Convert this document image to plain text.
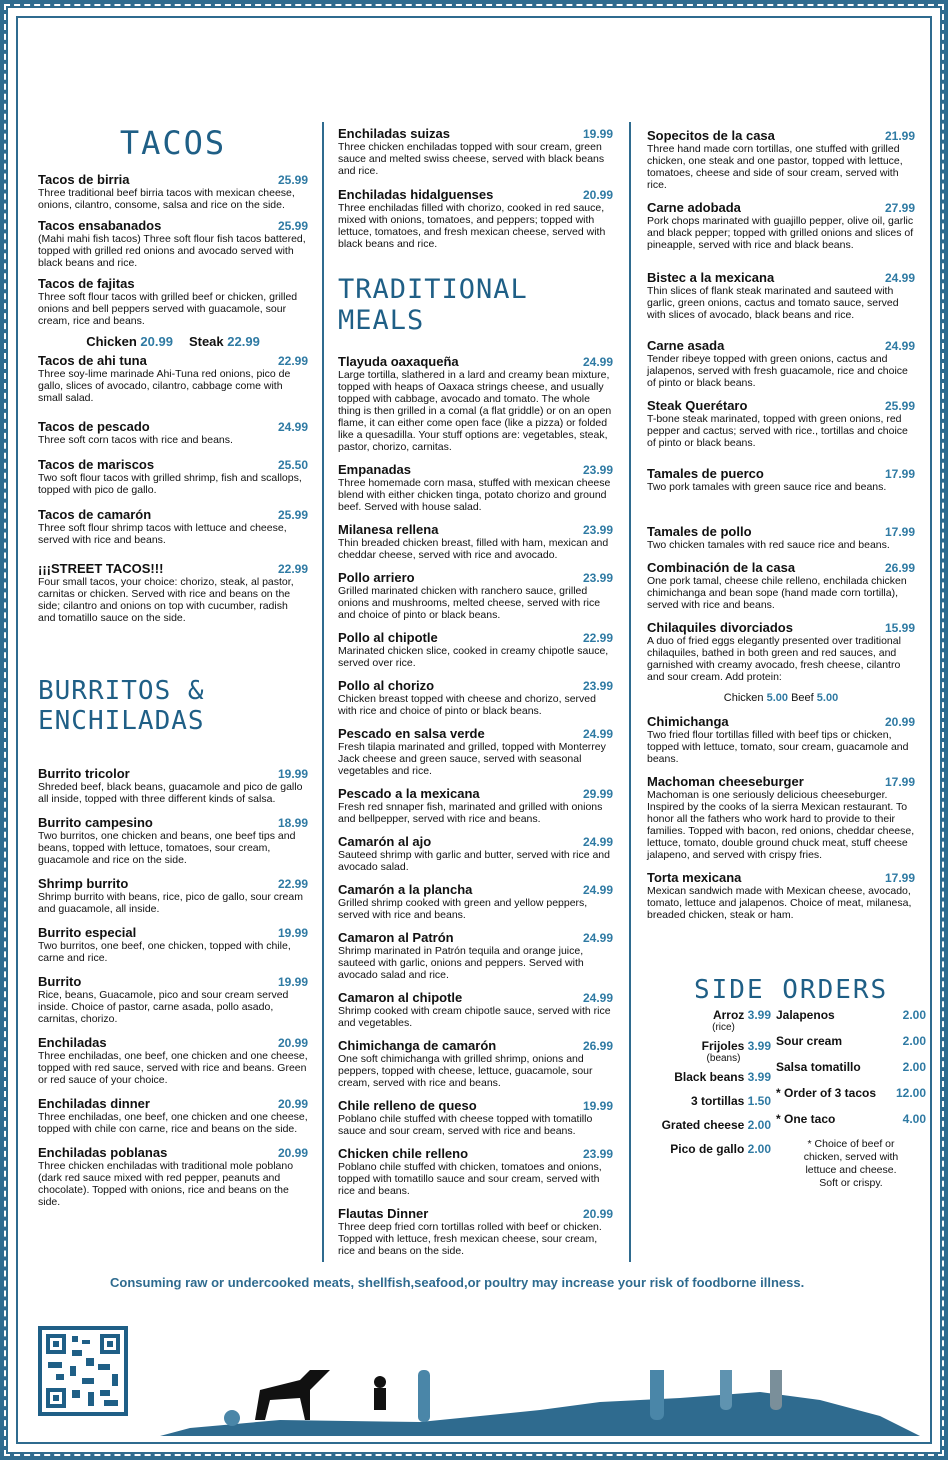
TACOS
Tacos de birria	25.99
Three traditional beef birria tacos with mexican cheese, onions, cilantro, consome, salsa and rice on the side.
Tacos ensabanados	25.99
(Mahi mahi fish tacos) Three soft flour fish tacos battered, topped with grilled red onions and avocado served with black beans and rice.
Tacos de fajitas
Three soft flour tacos with grilled beef or chicken, grilled onions and bell peppers served with guacamole, sour cream, rice and beans.
Chicken 20.99 Steak 22.99
Tacos de ahi tuna	22.99
Three soy-lime marinade Ahi-Tuna red onions, pico de gallo, slices of avocado, cilantro, cabbage come with small salad.
Tacos de pescado	24.99
Three soft corn tacos with rice and beans.
Tacos de mariscos	25.50
Two soft flour tacos with grilled shrimp, fish and scallops, topped with pico de gallo.
Tacos de camarón	25.99
Three soft flour shrimp tacos with lettuce and cheese, served with rice and beans.
¡¡¡STREET TACOS!!!	22.99
Four small tacos, your choice: chorizo, steak, al pastor, carnitas or chicken. Served with rice and beans on the side; cilantro and onions on top with cucumber, radish and tomatillo sauce on the side.
BURRITOS & ENCHILADAS
Burrito tricolor	19.99
Shreded beef, black beans, guacamole and pico de gallo all inside, topped with three different kinds of salsa.
Burrito campesino	18.99
Two burritos, one chicken and beans, one beef tips and beans, topped with lettuce, tomatoes, sour cream, guacamole and rice on the side.
Shrimp burrito	22.99
Shrimp burrito with beans, rice, pico de gallo, sour cream and guacamole, all inside.
Burrito especial	19.99
Two burritos, one beef, one chicken, topped with chile, carne and rice.
Burrito	19.99
Rice, beans, Guacamole, pico and sour cream served inside. Choice of pastor, carne asada, pollo asado, carnitas, chorizo.
Enchiladas	20.99
Three enchiladas, one beef, one chicken and one cheese, topped with red sauce, served with rice and beans. Green or red sauce of your choice.
Enchiladas dinner	20.99
Three enchiladas, one beef, one chicken and one cheese, topped with chile con carne, rice and beans on the side.
Enchiladas poblanas	20.99
Three chicken enchiladas with traditional mole poblano (dark red sauce mixed with red pepper, peanuts and chocolate). Topped with onions, rice and beans on the side.
Enchiladas suizas	19.99
Three chicken enchiladas topped with sour cream, green sauce and melted swiss cheese, served with black beans and rice.
Enchiladas hidalguenses	20.99
Three enchiladas filled with chorizo, cooked in red sauce, mixed with onions, tomatoes, and peppers; topped with lettuce, tomatoes, and fresh mexican cheese, served with black beans and rice.
TRADITIONAL MEALS
Tlayuda oaxaqueña	24.99
Large tortilla, slathered in a lard and creamy bean mixture, topped with heaps of Oaxaca strings cheese, and usually topped with cabbage, avocado and tomato. The whole thing is then grilled in a comal (a flat griddle) or on an open flame, it can either come open face (like a pizza) or folded like a quesadilla. Your stuff options are: vegetables, steak, pastor, chorizo, carnitas.
Empanadas	23.99
Three homemade corn masa, stuffed with mexican cheese blend with either chicken tinga, potato chorizo and ground beef. Served with house salad.
Milanesa rellena	23.99
Thin breaded chicken breast, filled with ham, mexican and cheddar cheese, served with rice and avocado.
Pollo arriero	23.99
Grilled marinated chicken with ranchero sauce, grilled onions and mushrooms, melted cheese, served with rice and choice of pinto or black beans.
Pollo al chipotle	22.99
Marinated chicken slice, cooked in creamy chipotle sauce, served over rice.
Pollo al chorizo	23.99
Chicken breast topped with cheese and chorizo, served with rice and choice of pinto or black beans.
Pescado en salsa verde	24.99
Fresh tilapia marinated and grilled, topped with Monterrey Jack cheese and green sauce, served with seasonal vegetables and rice.
Pescado a la mexicana	29.99
Fresh red snnaper fish, marinated and grilled with onions and bellpepper, served with rice and beans.
Camarón al ajo	24.99
Sauteed shrimp with garlic and butter, served with rice and avocado salad.
Camarón a la plancha	24.99
Grilled shrimp cooked with green and yellow peppers, served with rice and beans.
Camaron al Patrón	24.99
Shrimp marinated in Patrón tequila and orange juice, sauteed with garlic, onions and peppers. Served with avocado salad and rice.
Camaron al chipotle	24.99
Shrimp cooked with cream chipotle sauce, served with rice and vegetables.
Chimichanga de camarón	26.99
One soft chimichanga with grilled shrimp, onions and peppers, topped with cheese, lettuce, guacamole, sour cream, served with rice and beans.
Chile relleno de queso	19.99
Poblano chile stuffed with cheese topped with tomatillo sauce and sour cream, served with rice and beans.
Chicken chile relleno	23.99
Poblano chile stuffed with chicken, tomatoes and onions, topped with tomatillo sauce and sour cream, served with rice and beans.
Flautas Dinner	20.99
Three deep fried corn tortillas rolled with beef or chicken. Topped with lettuce, fresh mexican cheese, sour cream, rice and beans on the side.
Sopecitos de la casa	21.99
Three hand made corn tortillas, one stuffed with grilled chicken, one steak and one pastor, topped with lettuce, tomatoes, cheese and side of sour cream, served with rice.
Carne adobada	27.99
Pork chops marinated with guajillo pepper, olive oil, garlic and black pepper; topped with grilled onions and slices of pineapple, served with rice and black beans.
Bistec a la mexicana	24.99
Thin slices of flank steak marinated and sauteed with garlic, green onions, cactus and tomato sauce, served with slices of avocado, black beans and rice.
Carne asada	24.99
Tender ribeye topped with green onions, cactus and jalapenos, served with fresh guacamole, rice and choice of pinto or black beans.
Steak Querétaro	25.99
T-bone steak marinated, topped with green onions, red pepper and cactus; served with rice., tortillas and choice of pinto or black beans.
Tamales de puerco	17.99
Two pork tamales with green sauce rice and beans.
Tamales de pollo	17.99
Two chicken tamales with red sauce rice and beans.
Combinación de la casa	26.99
One pork tamal, cheese chile relleno, enchilada chicken chimichanga and bean sope (hand made corn tortilla), served with rice and beans.
Chilaquiles divorciados	15.99
A duo of fried eggs elegantly presented over traditional chilaquiles, bathed in both green and red sauces, and garnished with creamy avocado, fresh cheese, cilantro and sour cream. Add protein:
Chicken 5.00 Beef 5.00
Chimichanga	20.99
Two fried flour tortillas filled with beef tips or chicken, topped with lettuce, tomato, sour cream, guacamole and beans.
Machoman cheeseburger	17.99
Machoman is one seriously delicious cheeseburger. Inspired by the cooks of la sierra Mexican restaurant. To honor all the fathers who work hard to provide to their families. Topped with bacon, red onions, cheddar cheese, lettuce, tomato, double ground chuck meat, stuff cheese jalapeno, and served with crispy fries.
Torta mexicana	17.99
Mexican sandwich made with Mexican cheese, avocado, tomato, lettuce and jalapenos. Choice of meat, milanesa, breaded chicken, steak or ham.
SIDE ORDERS
Arroz 3.99
(rice)
Frijoles 3.99
(beans)
Black beans 3.99
3 tortillas 1.50
Grated cheese 2.00
Pico de gallo 2.00
Jalapenos	2.00
Sour cream	2.00
Salsa tomatillo	2.00
* Order of 3 tacos 12.00
* One taco	4.00
* Choice of beef or chicken, served with lettuce and cheese. Soft or crispy.
Consuming raw or undercooked meats, shellfish,seafood,or poultry may increase your risk of foodborne illness.
